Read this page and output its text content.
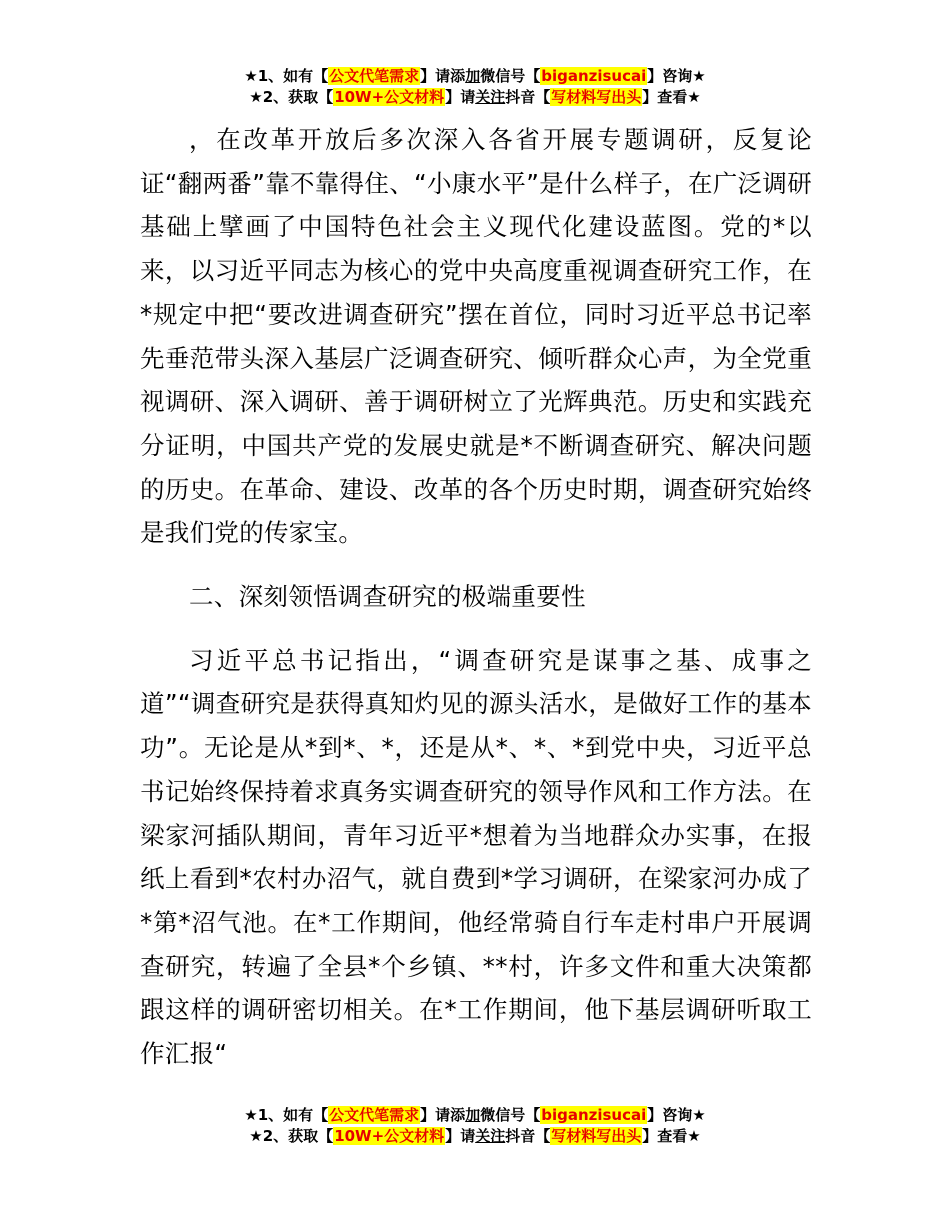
★1、如有【公文代笔需求】请添加微信号【biganzisucai】咨询★
★2、获取【10W+公文材料】请关注抖音【写材料写出头】查看★

，在改革开放后多次深入各省开展专题调研，反复论证“翻两番”靠不靠得住、“小康水平”是什么样子，在广泛调研基础上擘画了中国特色社会主义现代化建设蓝图。党的*以来，以习近平同志为核心的党中央高度重视调查研究工作，在*规定中把“要改进调查研究”摆在首位，同时习近平总书记率先垂范带头深入基层广泛调查研究、倾听群众心声，为全党重视调研、深入调研、善于调研树立了光辉典范。历史和实践充分证明，中国共产党的发展史就是*不断调查研究、解决问题的历史。在革命、建设、改革的各个历史时期，调查研究始终是我们党的传家宝。

二、深刻领悟调查研究的极端重要性

习近平总书记指出，“调查研究是谋事之基、成事之道”“调查研究是获得真知灼见的源头活水，是做好工作的基本功”。无论是从*到*、*，还是从*、*、*到党中央，习近平总书记始终保持着求真务实调查研究的领导作风和工作方法。在梁家河插队期间，青年习近平*想着为当地群众办实事，在报纸上看到*农村办沼气，就自费到*学习调研，在梁家河办成了*第*沼气池。在*工作期间，他经常骑自行车走村串户开展调查研究，转遍了全县*个乡镇、**村，许多文件和重大决策都跟这样的调研密切相关。在*工作期间，他下基层调研听取工作汇报“

★1、如有【公文代笔需求】请添加微信号【biganzisucai】咨询★
★2、获取【10W+公文材料】请关注抖音【写材料写出头】查看★
